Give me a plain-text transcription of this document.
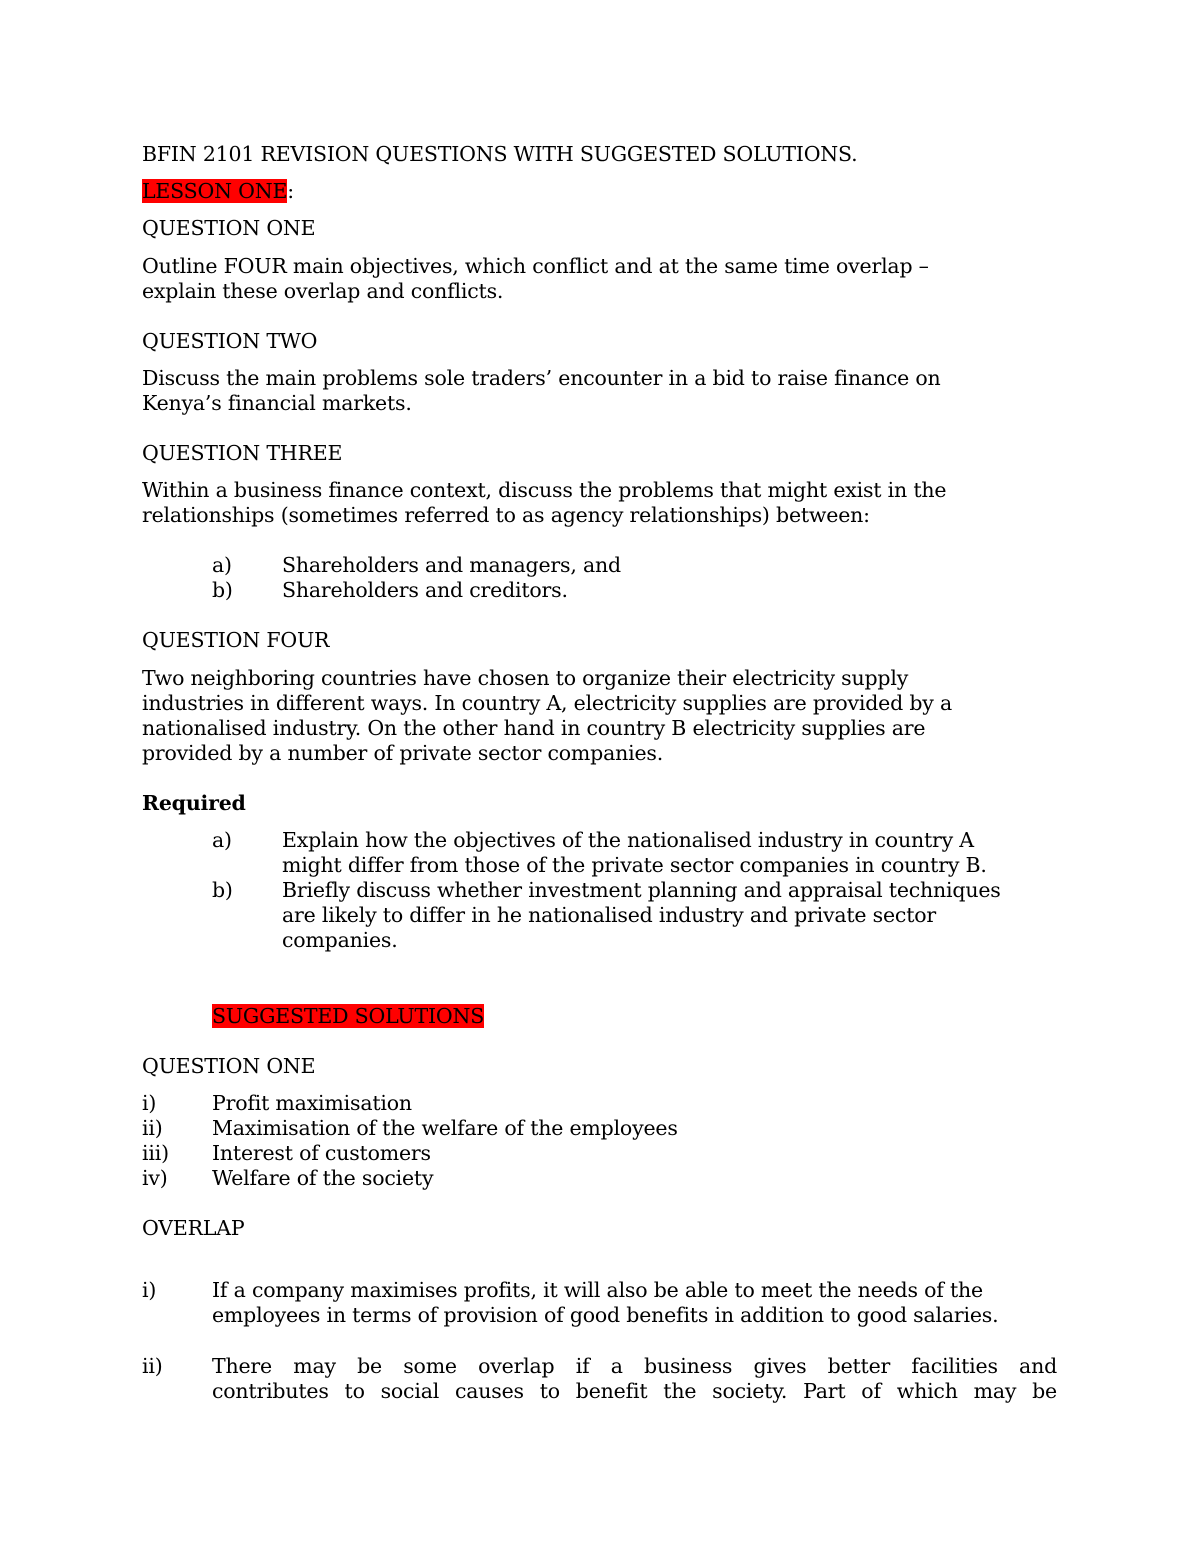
BFIN 2101 REVISION QUESTIONS WITH SUGGESTED SOLUTIONS.
LESSON ONE:
QUESTION ONE
Outline FOUR main objectives, which conflict and at the same time overlap –
explain these overlap and conflicts.
QUESTION TWO
Discuss the main problems sole traders’ encounter in a bid to raise finance on
Kenya’s financial markets.
QUESTION THREE
Within a business finance context, discuss the problems that might exist in the
relationships (sometimes referred to as agency relationships) between:
a) Shareholders and managers, and
b) Shareholders and creditors.
QUESTION FOUR
Two neighboring countries have chosen to organize their electricity supply
industries in different ways. In country A, electricity supplies are provided by a
nationalised industry. On the other hand in country B electricity supplies are
provided by a number of private sector companies.
Required
a) Explain how the objectives of the nationalised industry in country A
might differ from those of the private sector companies in country B.
b) Briefly discuss whether investment planning and appraisal techniques
are likely to differ in he nationalised industry and private sector
companies.
SUGGESTED SOLUTIONS
QUESTION ONE
i)	Profit maximisation
ii) Maximisation of the welfare of the employees
iii) Interest of customers
iv) Welfare of the society
OVERLAP
i)	If a company maximises profits, it will also be able to meet the needs of the
employees in terms of provision of good benefits in addition to good salaries.
ii) There may be some overlap if a business gives better facilities and
contributes to social causes to benefit the society. Part of which may be
